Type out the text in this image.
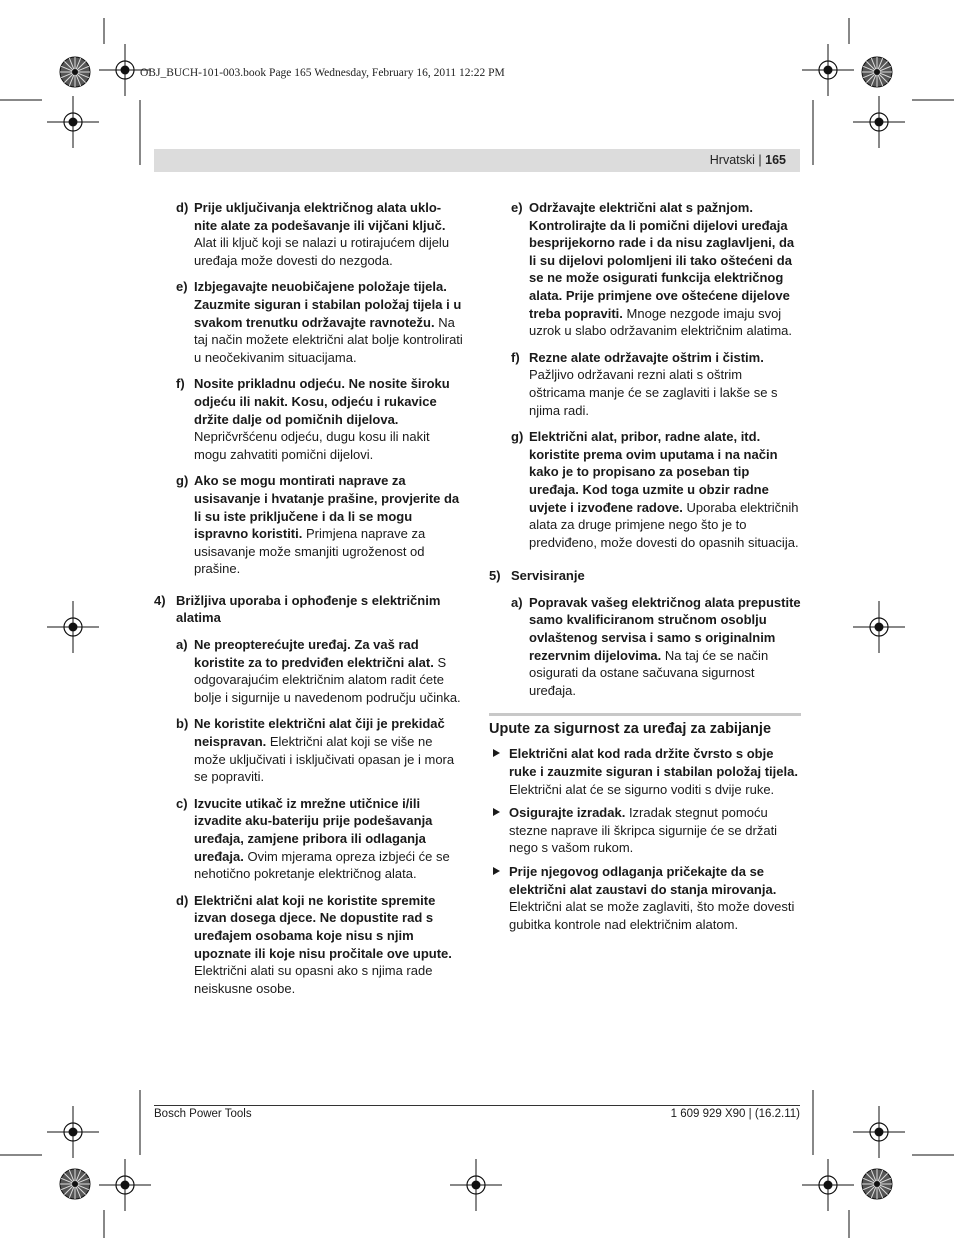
OBJ_BUCH-101-003.book Page 165 Wednesday, February 16, 2011 12:22 PM
Hrvatski | 165
d) Prije uključivanja električnog alata uklo-nite alate za podešavanje ili vijčani ključ. Alat ili ključ koji se nalazi u rotirajućem dijelu uređaja može dovesti do nezgoda.
e) Izbjegavajte neuobičajene položaje tijela. Zauzmite siguran i stabilan položaj tijela i u svakom trenutku održavajte ravnotežu. Na taj način možete električni alat bolje kontrolirati u neočekivanim situacijama.
f) Nosite prikladnu odjeću. Ne nosite široku odjeću ili nakit. Kosu, odjeću i rukavice držite dalje od pomičnih dijelova. Nepričvršćenu odjeću, dugu kosu ili nakit mogu zahvatiti pomični dijelovi.
g) Ako se mogu montirati naprave za usisavanje i hvatanje prašine, provjerite da li su iste priključene i da li se mogu ispravno koristiti. Primjena naprave za usisavanje može smanjiti ugroženost od prašine.
4) Brižljiva uporaba i ophođenje s električnim alatima
a) Ne preopterećujte uređaj. Za vaš rad koristite za to predviđen električni alat. S odgovarajućim električnim alatom radit ćete bolje i sigurnije u navedenom području učinka.
b) Ne koristite električni alat čiji je prekidač neispravan. Električni alat koji se više ne može uključivati i isključivati opasan je i mora se popraviti.
c) Izvucite utikač iz mrežne utičnice i/ili izvadite aku-bateriju prije podešavanja uređaja, zamjene pribora ili odlaganja uređaja. Ovim mjerama opreza izbjeći će se nehotično pokretanje električnog alata.
d) Električni alat koji ne koristite spremite izvan dosega djece. Ne dopustite rad s uređajem osobama koje nisu s njim upoznate ili koje nisu pročitale ove upute. Električni alati su opasni ako s njima rade neiskusne osobe.
e) Održavajte električni alat s pažnjom. Kontrolirajte da li pomični dijelovi uređaja besprijekorno rade i da nisu zaglavljeni, da li su dijelovi polomljeni ili tako oštećeni da se ne može osigurati funkcija električnog alata. Prije primjene ove oštećene dijelove treba popraviti. Mnoge nezgode imaju svoj uzrok u slabo održavanim električnim alatima.
f) Rezne alate održavajte oštrim i čistim. Pažljivo održavani rezni alati s oštrim oštricama manje će se zaglaviti i lakše se s njima radi.
g) Električni alat, pribor, radne alate, itd. koristite prema ovim uputama i na način kako je to propisano za poseban tip uređaja. Kod toga uzmite u obzir radne uvjete i izvođene radove. Uporaba električnih alata za druge primjene nego što je to predviđeno, može dovesti do opasnih situacija.
5) Servisiranje
a) Popravak vašeg električnog alata prepustite samo kvalificiranom stručnom osoblju ovlaštenog servisa i samo s originalnim rezervnim dijelovima. Na taj će se način osigurati da ostane sačuvana sigurnost uređaja.
Upute za sigurnost za uređaj za zabijanje
Električni alat kod rada držite čvrsto s obje ruke i zauzmite siguran i stabilan položaj tijela. Električni alat će se sigurno voditi s dvije ruke.
Osigurajte izradak. Izradak stegnut pomoću stezne naprave ili škripca sigurnije će se držati nego s vašom rukom.
Prije njegovog odlaganja pričekajte da se električni alat zaustavi do stanja mirovanja. Električni alat se može zaglaviti, što može dovesti gubitka kontrole nad električnim alatom.
Bosch Power Tools	1 609 929 X90 | (16.2.11)
